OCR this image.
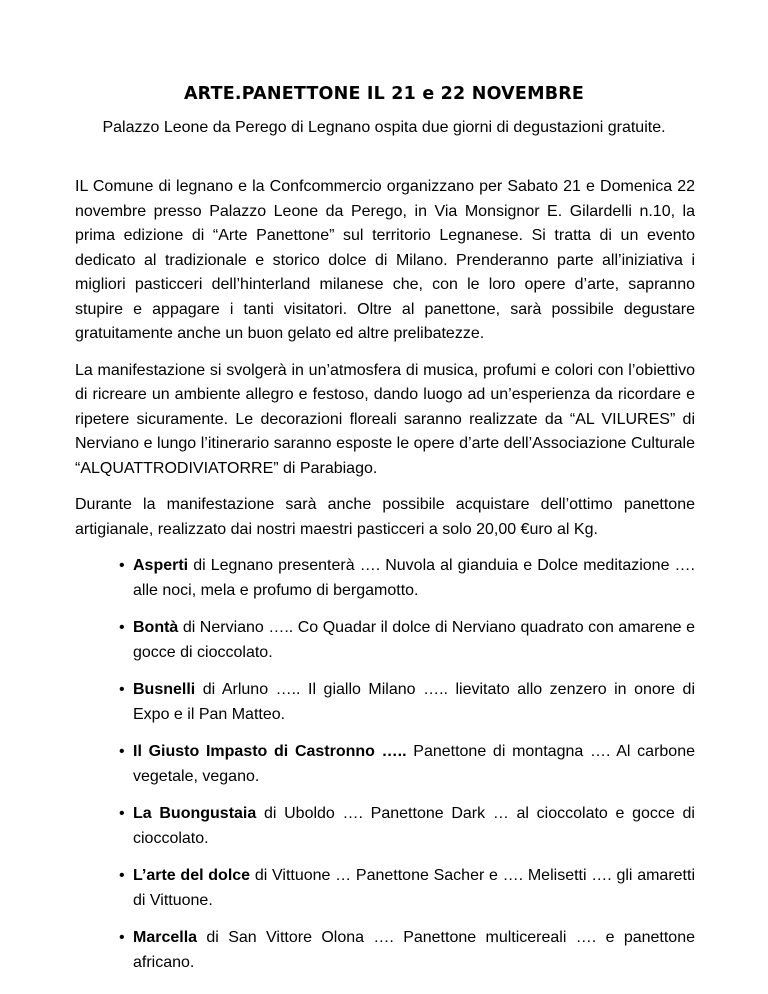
ARTE.PANETTONE IL 21 e 22 NOVEMBRE
Palazzo Leone da Perego di Legnano ospita due giorni di degustazioni gratuite.

IL Comune di legnano e la Confcommercio organizzano per Sabato 21 e Domenica 22 novembre presso Palazzo Leone da Perego, in Via Monsignor E. Gilardelli n.10, la prima edizione di “Arte Panettone” sul territorio Legnanese. Si tratta di un evento dedicato al tradizionale e storico dolce di Milano. Prenderanno parte all’iniziativa i migliori pasticceri dell’hinterland milanese che, con le loro opere d’arte, sapranno stupire e appagare i tanti visitatori. Oltre al panettone, sarà possibile degustare gratuitamente anche un buon gelato ed altre prelibatezze.

La manifestazione si svolgerà in un’atmosfera di musica, profumi e colori con l’obiettivo di ricreare un ambiente allegro e festoso, dando luogo ad un’esperienza da ricordare e ripetere sicuramente. Le decorazioni floreali saranno realizzate da “AL VILURES” di Nerviano e lungo l’itinerario saranno esposte le opere d’arte dell’Associazione Culturale “ALQUATTRODIVIATORRE” di Parabiago.

Durante la manifestazione sarà anche possibile acquistare dell’ottimo panettone artigianale, realizzato dai nostri maestri pasticceri a solo 20,00 €uro al Kg.

• Asperti di Legnano presenterà …. Nuvola al gianduia e Dolce meditazione …. alle noci, mela e profumo di bergamotto.
• Bontà di Nerviano ….. Co Quadar il dolce di Nerviano quadrato con amarene e gocce di cioccolato.
• Busnelli di Arluno ….. Il giallo Milano ….. lievitato allo zenzero in onore di Expo e il Pan Matteo.
• Il Giusto Impasto di Castronno ….. Panettone di montagna …. Al carbone vegetale, vegano.
• La Buongustaia di Uboldo …. Panettone Dark … al cioccolato e gocce di cioccolato.
• L’arte del dolce di Vittuone … Panettone Sacher e …. Melisetti …. gli amaretti di Vittuone.
• Marcella di San Vittore Olona …. Panettone multicereali …. e panettone africano.
